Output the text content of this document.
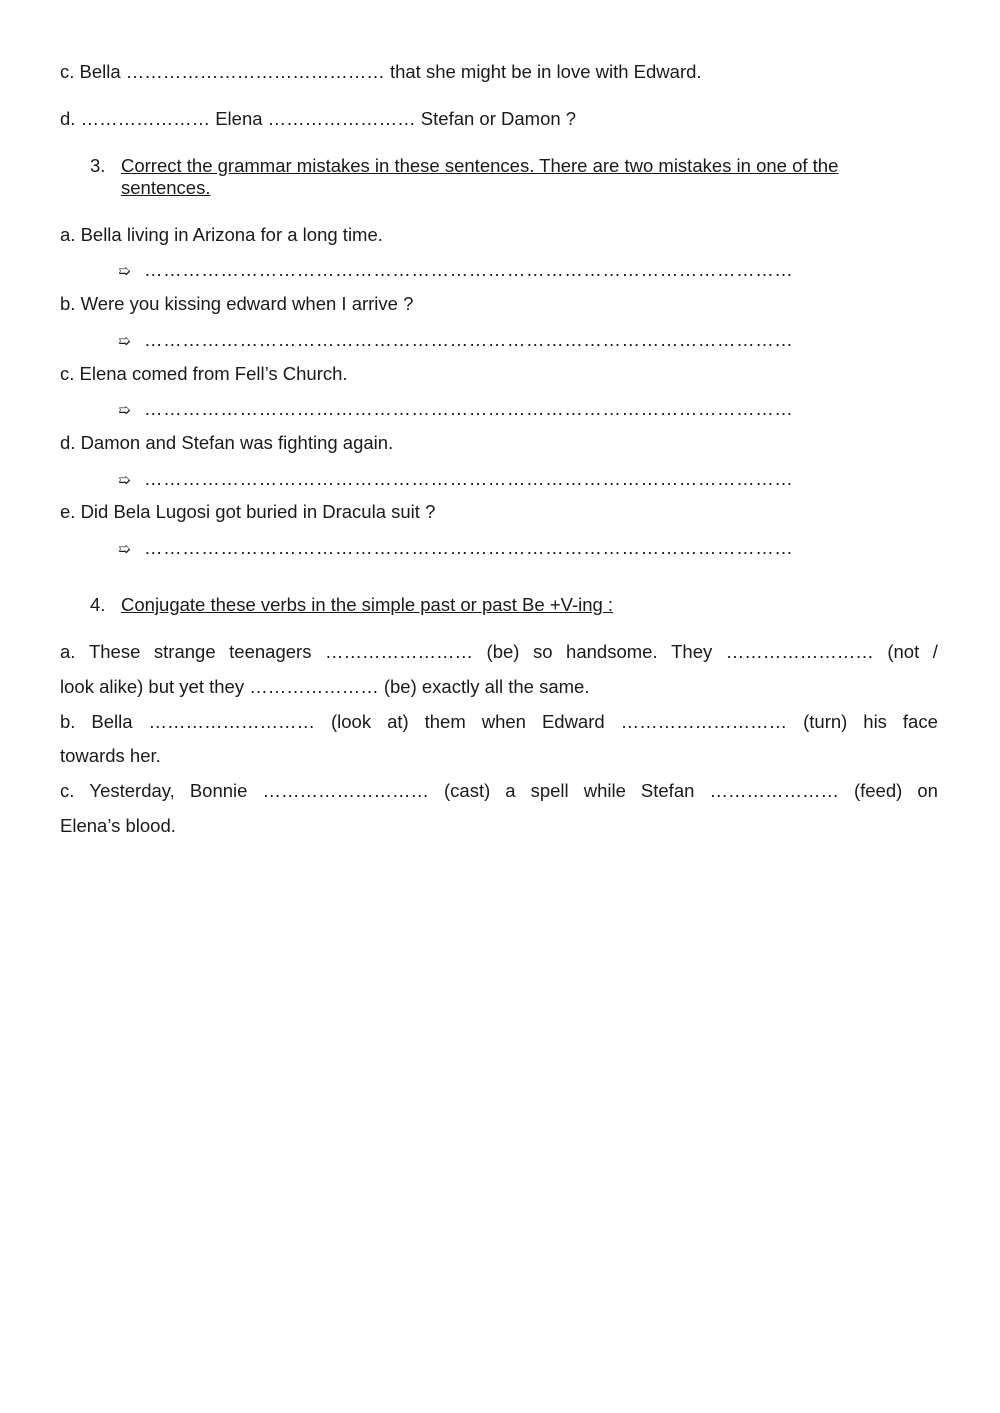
c. Bella …………………………………… that she might be in love with Edward.
d. ………………… Elena …………………… Stefan or Damon ?
3. Correct the grammar mistakes in these sentences. There are two mistakes in one of the
sentences.
a. Bella living in Arizona for a long time.
➯ …………………………………………………………………………………………
b. Were you kissing edward when I arrive ?
➯ …………………………………………………………………………………………
c. Elena comed from Fell’s Church.
➯ …………………………………………………………………………………………
d. Damon and Stefan was fighting again.
➯ …………………………………………………………………………………………
e. Did Bela Lugosi got buried in Dracula suit ?
➯ …………………………………………………………………………………………
4. Conjugate these verbs in the simple past or past Be +V-ing :
a. These strange teenagers …………………… (be) so handsome. They …………………… (not /
look alike) but yet they ………………… (be) exactly all the same.
b. Bella ……………………… (look at) them when Edward ……………………… (turn) his face
towards her.
c. Yesterday, Bonnie ……………………… (cast) a spell while Stefan ………………… (feed) on
Elena’s blood.
